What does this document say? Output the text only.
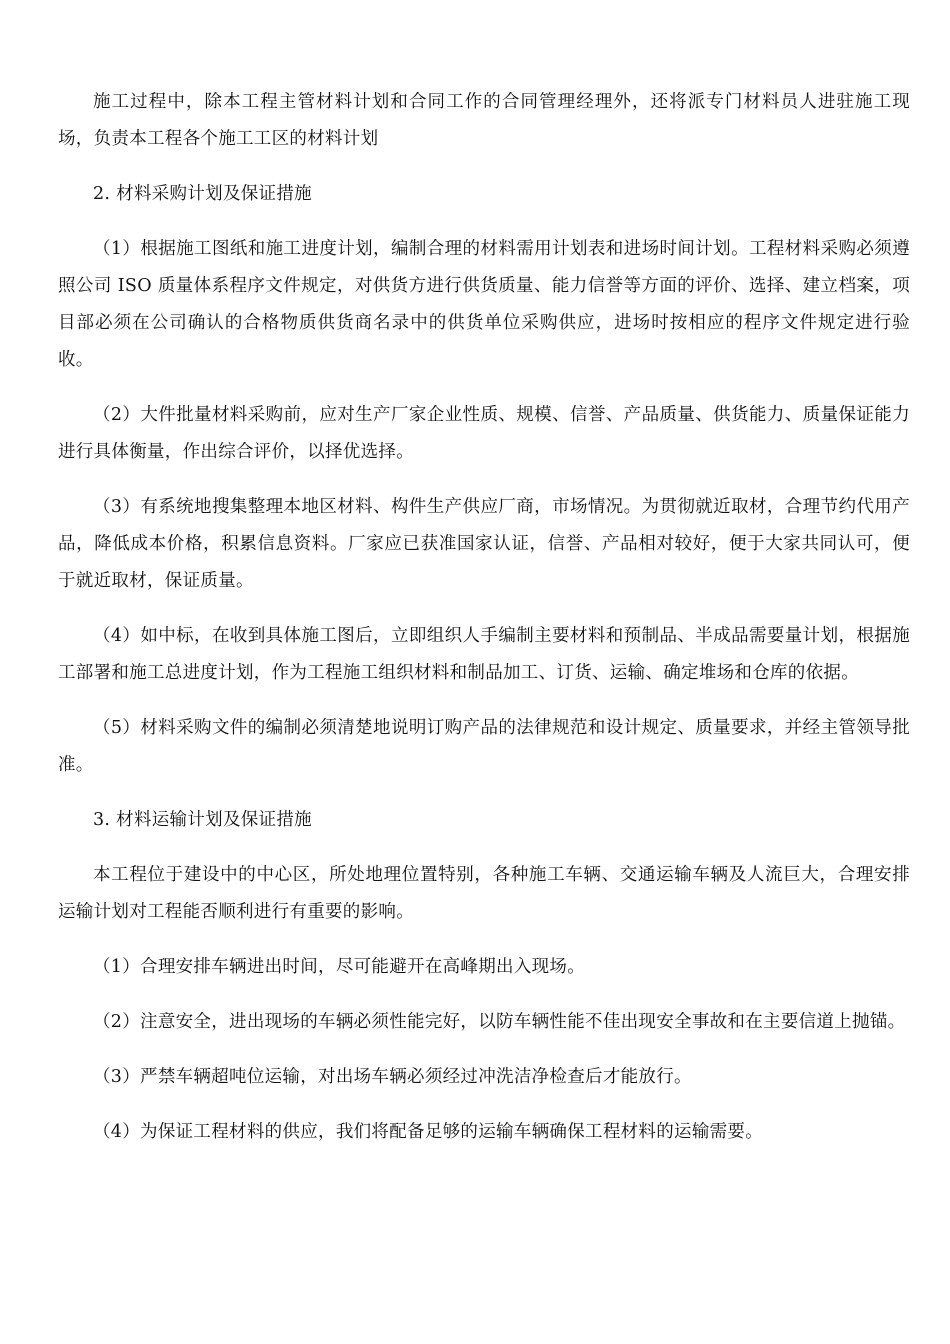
施工过程中，除本工程主管材料计划和合同工作的合同管理经理外，还将派专门材料员人进驻施工现场，负责本工程各个施工工区的材料计划

2. 材料采购计划及保证措施

（1）根据施工图纸和施工进度计划，编制合理的材料需用计划表和进场时间计划。工程材料采购必须遵照公司 ISO 质量体系程序文件规定，对供货方进行供货质量、能力信誉等方面的评价、选择、建立档案，项目部必须在公司确认的合格物质供货商名录中的供货单位采购供应，进场时按相应的程序文件规定进行验收。

（2）大件批量材料采购前，应对生产厂家企业性质、规模、信誉、产品质量、供货能力、质量保证能力进行具体衡量，作出综合评价，以择优选择。

（3）有系统地搜集整理本地区材料、构件生产供应厂商，市场情况。为贯彻就近取材，合理节约代用产品，降低成本价格，积累信息资料。厂家应已获准国家认证，信誉、产品相对较好，便于大家共同认可，便于就近取材，保证质量。

（4）如中标，在收到具体施工图后，立即组织人手编制主要材料和预制品、半成品需要量计划，根据施工部署和施工总进度计划，作为工程施工组织材料和制品加工、订货、运输、确定堆场和仓库的依据。

（5）材料采购文件的编制必须清楚地说明订购产品的法律规范和设计规定、质量要求，并经主管领导批准。

3. 材料运输计划及保证措施

本工程位于建设中的中心区，所处地理位置特别，各种施工车辆、交通运输车辆及人流巨大，合理安排运输计划对工程能否顺利进行有重要的影响。

（1）合理安排车辆进出时间，尽可能避开在高峰期出入现场。

（2）注意安全，进出现场的车辆必须性能完好，以防车辆性能不佳出现安全事故和在主要信道上抛锚。

（3）严禁车辆超吨位运输，对出场车辆必须经过冲洗洁净检查后才能放行。

（4）为保证工程材料的供应，我们将配备足够的运输车辆确保工程材料的运输需要。
